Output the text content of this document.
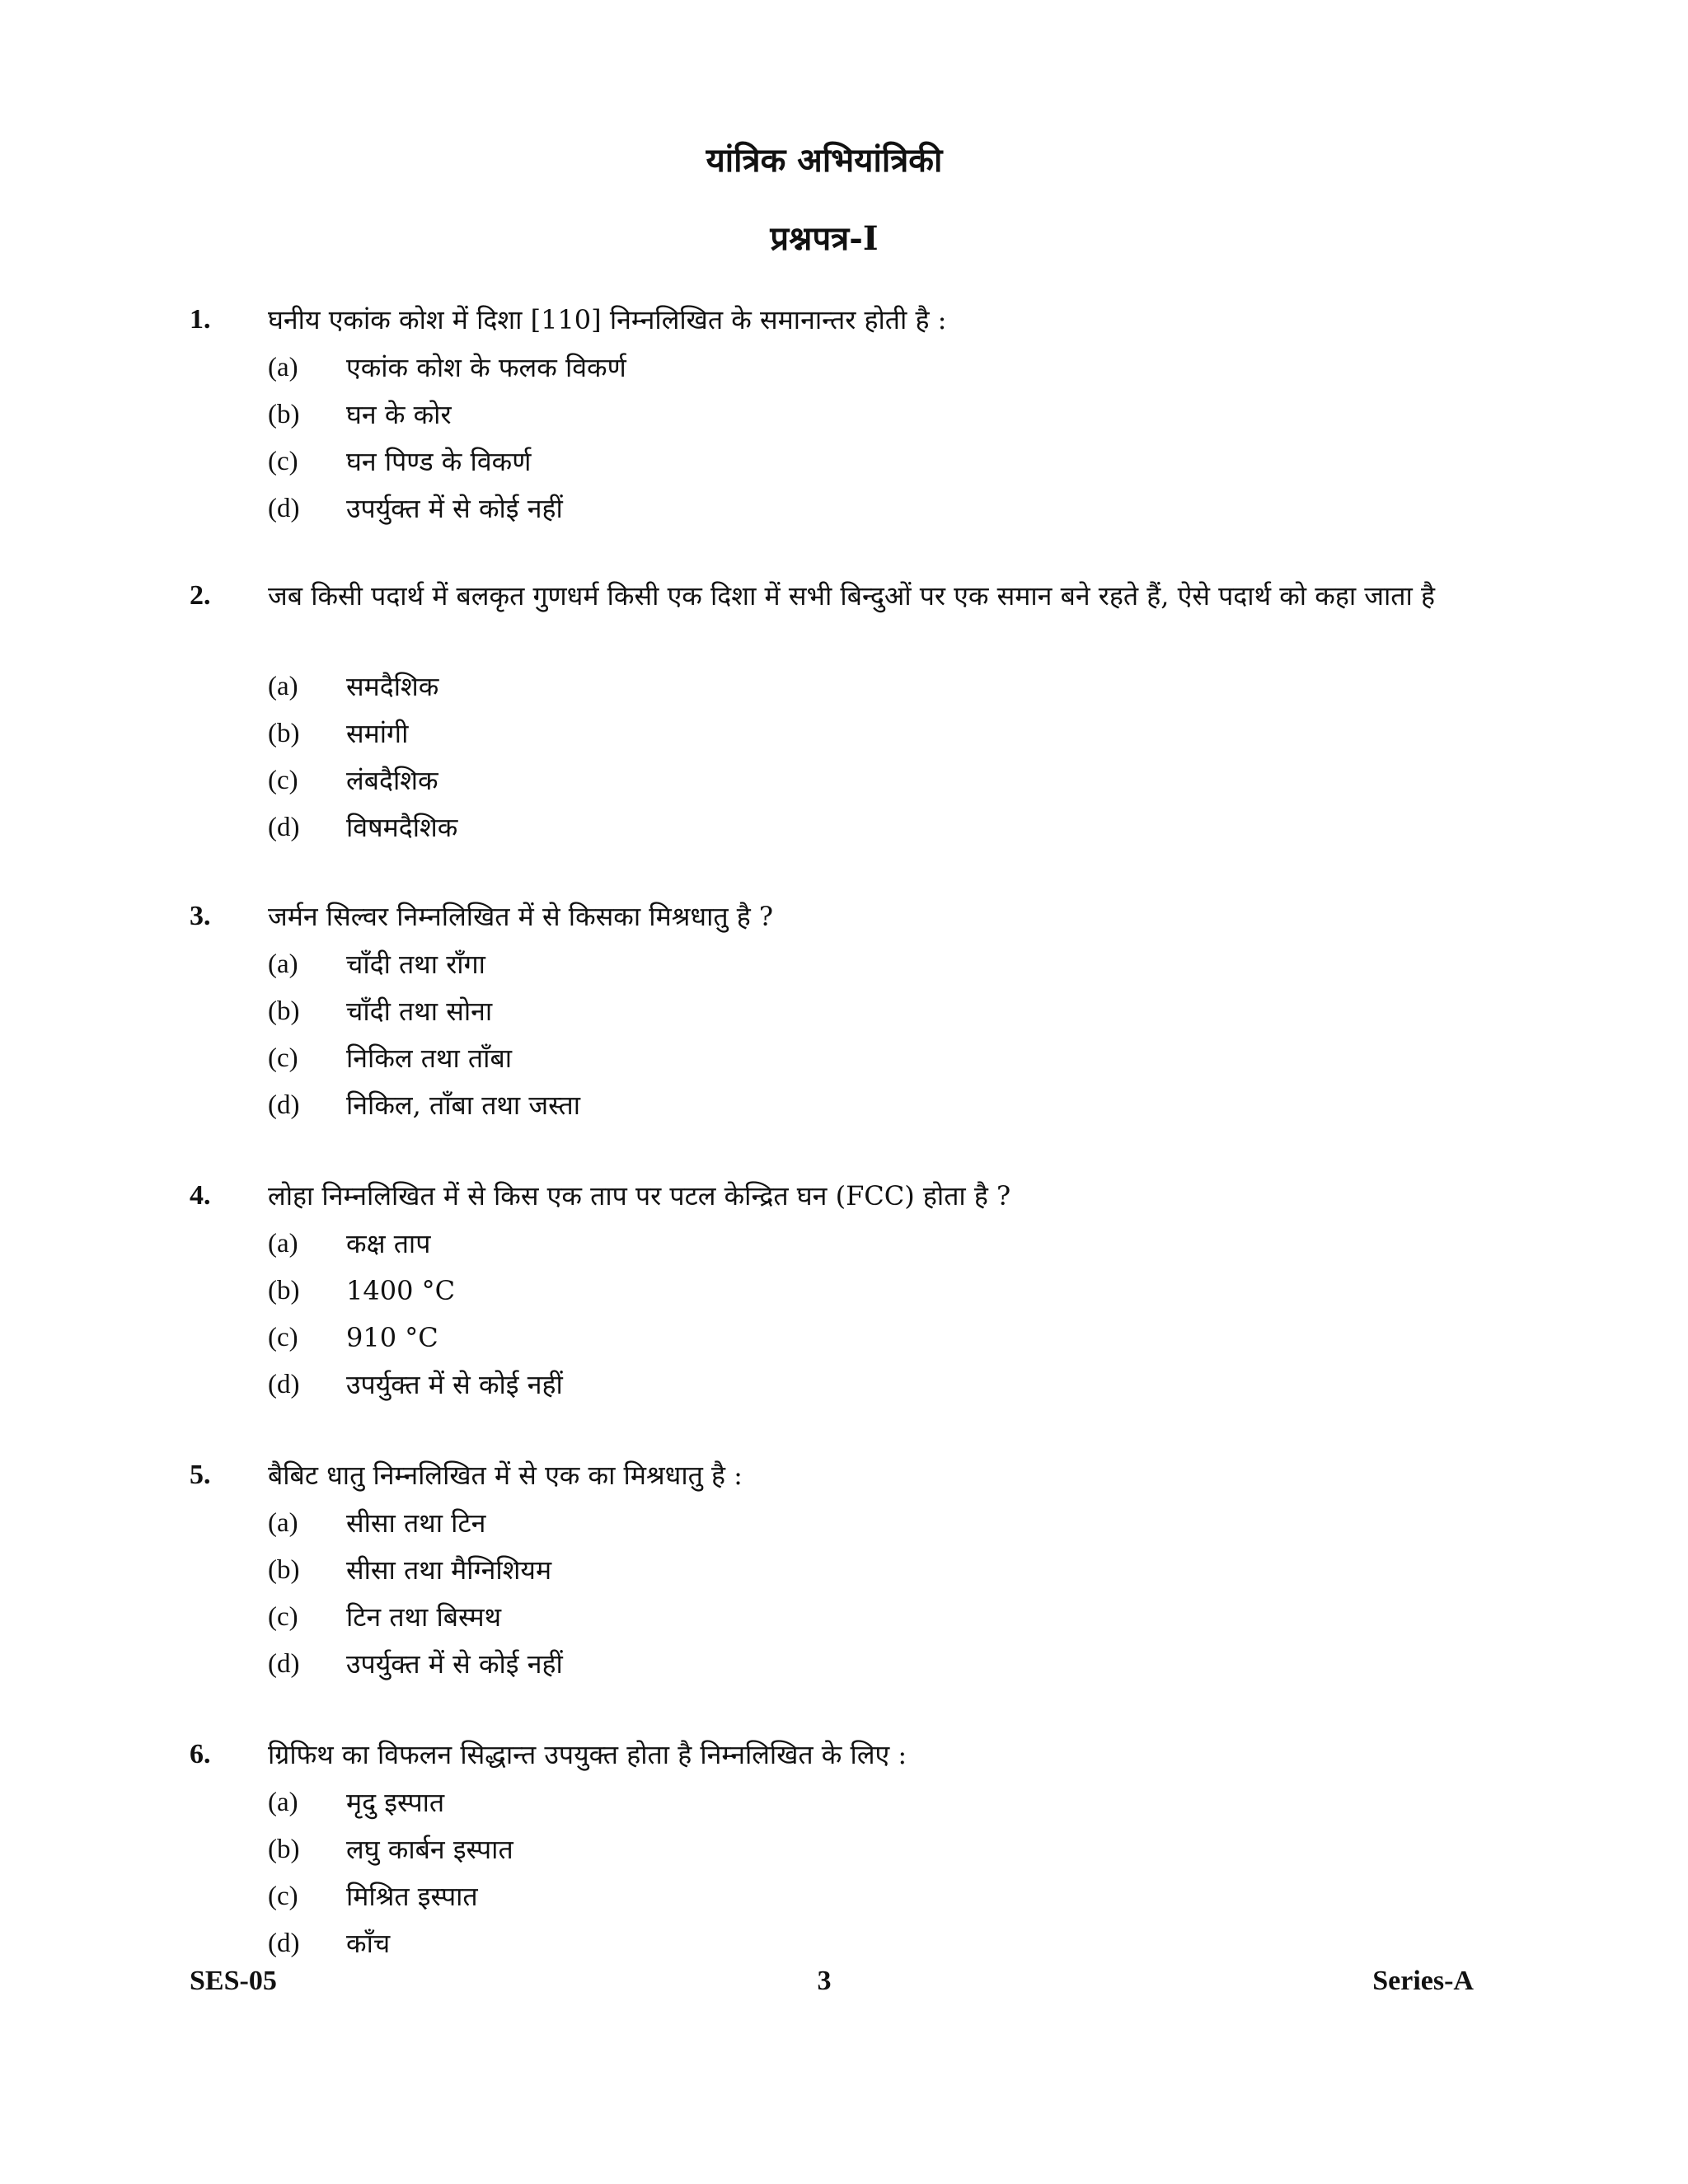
यांत्रिक अभियांत्रिकी
प्रश्नपत्र-I
1. घनीय एकांक कोश में दिशा [110] निम्नलिखित के समानान्तर होती है :
(a) एकांक कोश के फलक विकर्ण
(b) घन के कोर
(c) घन पिण्ड के विकर्ण
(d) उपर्युक्त में से कोई नहीं
2. जब किसी पदार्थ में बलकृत गुणधर्म किसी एक दिशा में सभी बिन्दुओं पर एक समान बने रहते हैं, ऐसे पदार्थ को कहा जाता है
(a) समदैशिक
(b) समांगी
(c) लंबदैशिक
(d) विषमदैशिक
3. जर्मन सिल्वर निम्नलिखित में से किसका मिश्रधातु है ?
(a) चाँदी तथा राँगा
(b) चाँदी तथा सोना
(c) निकिल तथा ताँबा
(d) निकिल, ताँबा तथा जस्ता
4. लोहा निम्नलिखित में से किस एक ताप पर पटल केन्द्रित घन (FCC) होता है ?
(a) कक्ष ताप
(b) 1400 °C
(c) 910 °C
(d) उपर्युक्त में से कोई नहीं
5. बैबिट धातु निम्नलिखित में से एक का मिश्रधातु है :
(a) सीसा तथा टिन
(b) सीसा तथा मैग्निशियम
(c) टिन तथा बिस्मथ
(d) उपर्युक्त में से कोई नहीं
6. ग्रिफिथ का विफलन सिद्धान्त उपयुक्त होता है निम्नलिखित के लिए :
(a) मृदु इस्पात
(b) लघु कार्बन इस्पात
(c) मिश्रित इस्पात
(d) काँच
SES-05	3	Series-A
